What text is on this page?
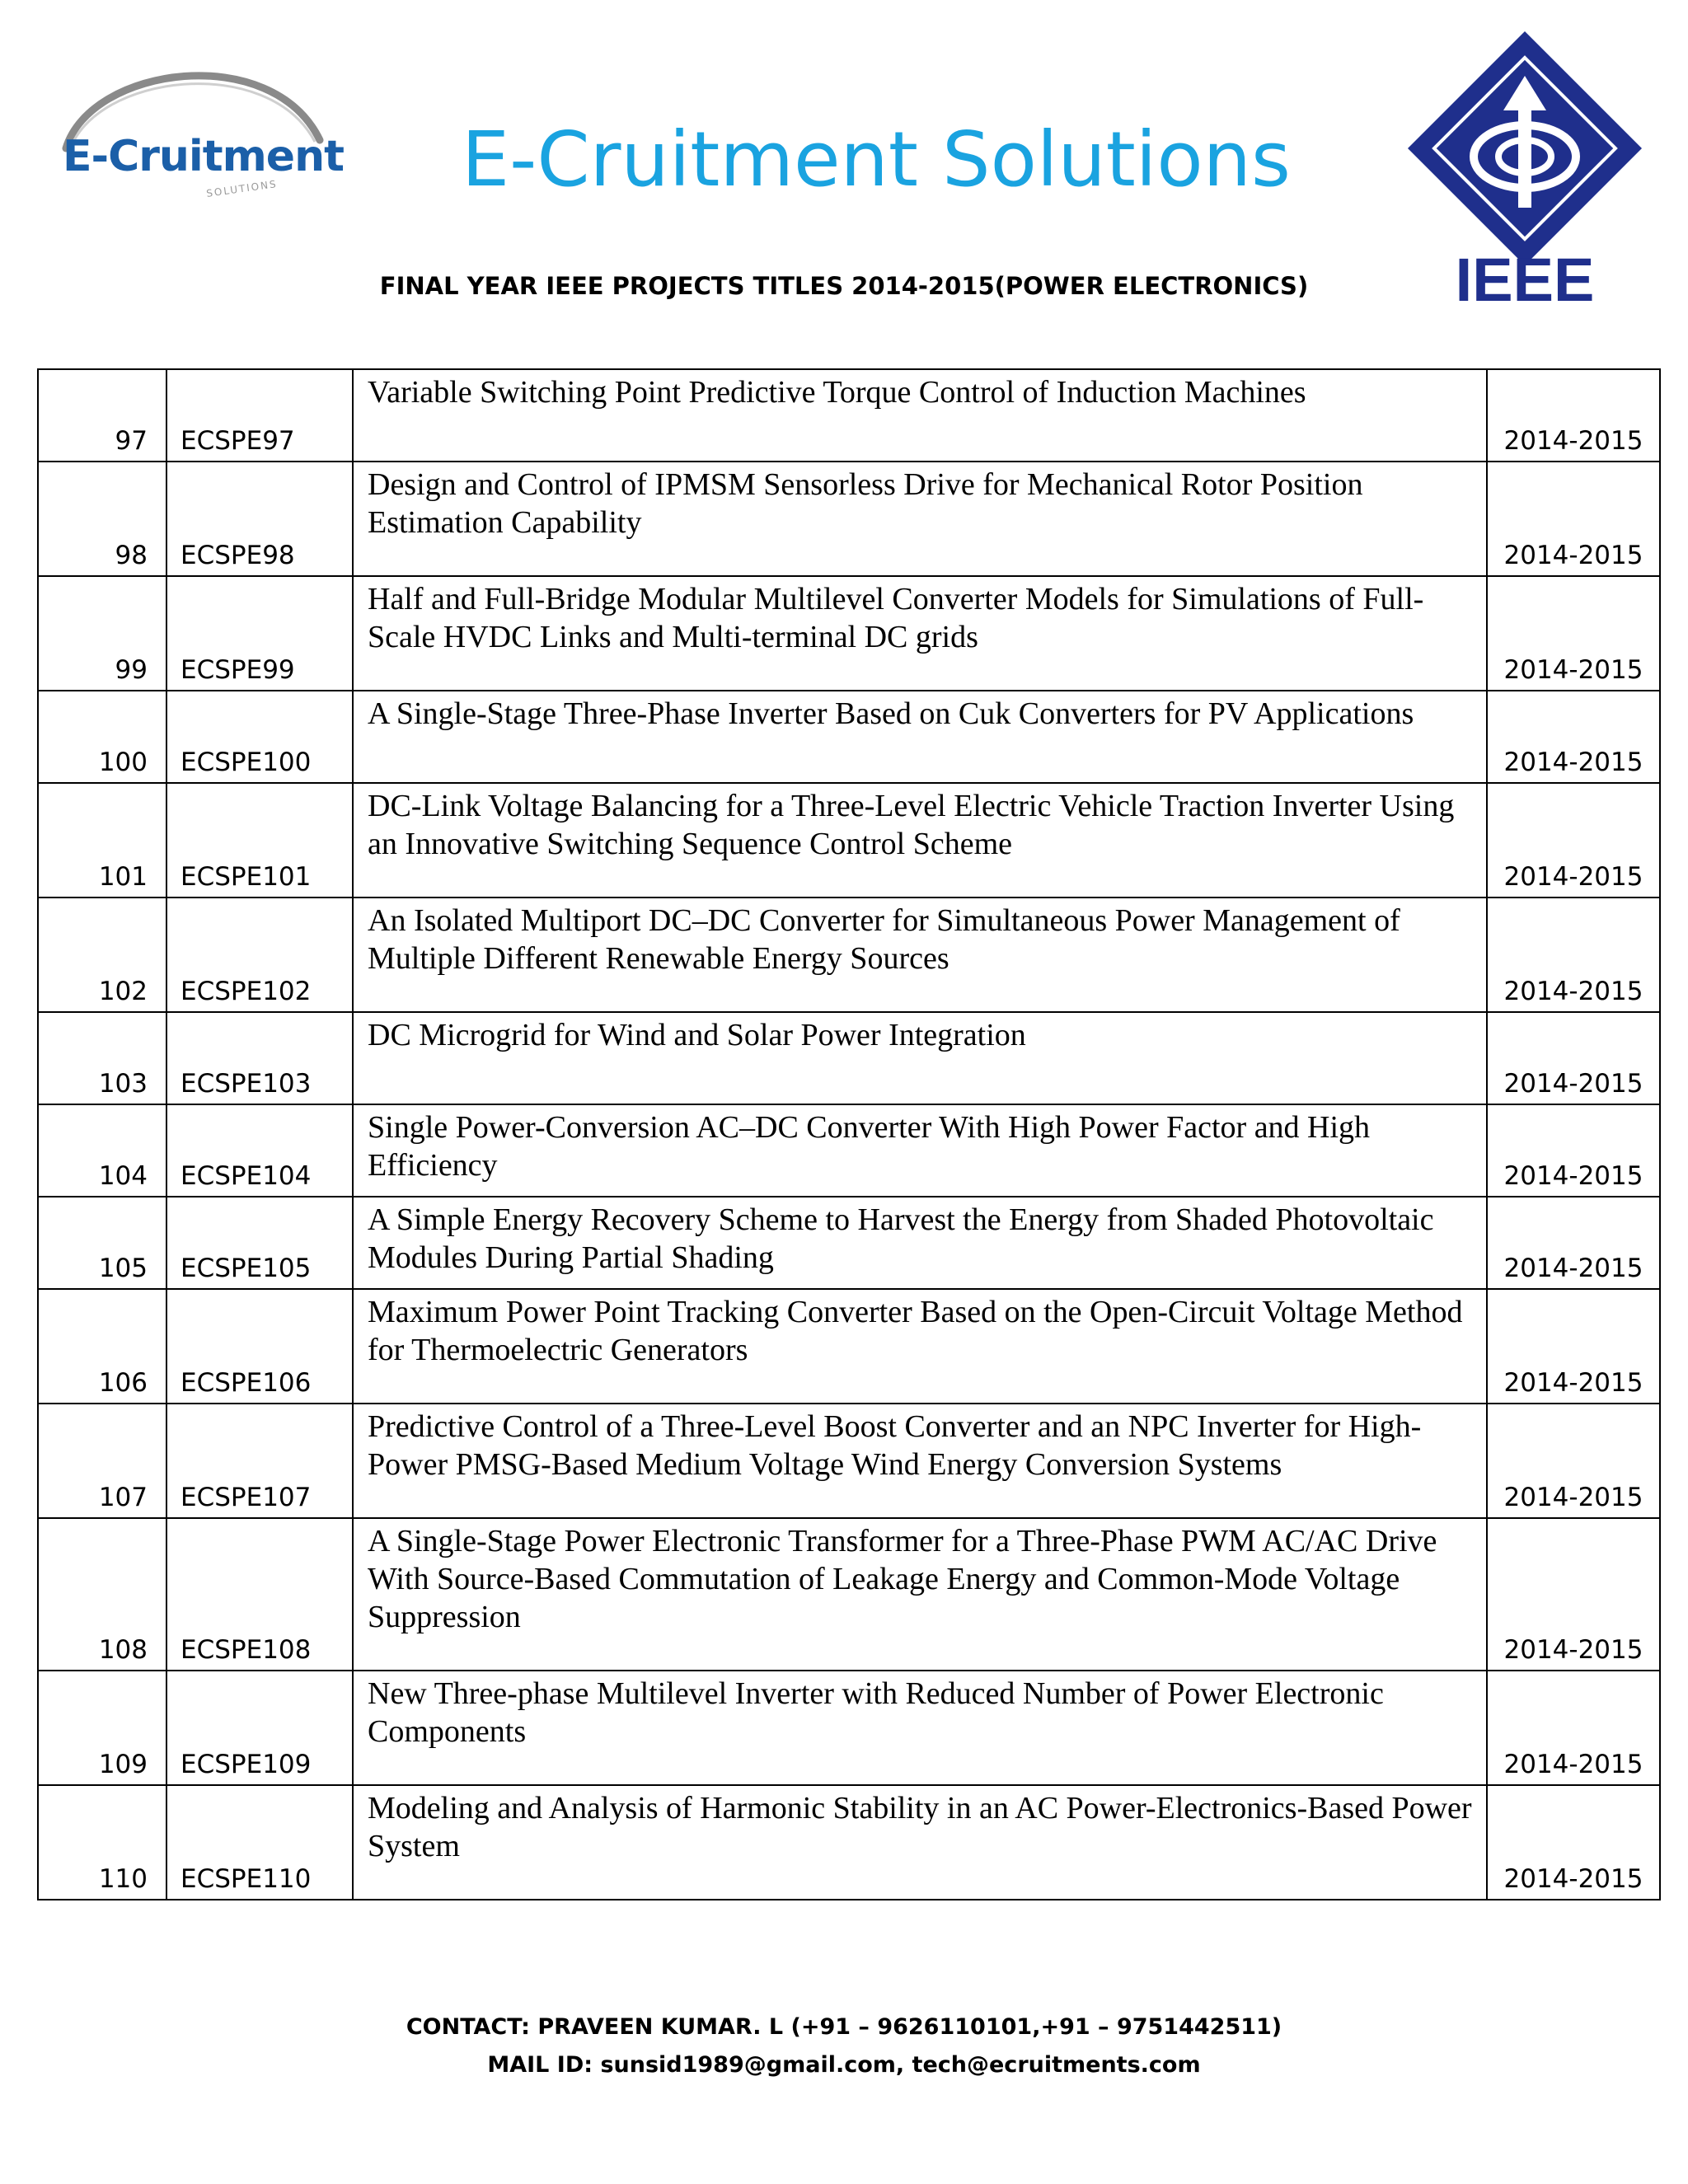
E-Cruitment
SOLUTIONS E-Cruitment Solutions
IEEE
FINAL YEAR IEEE PROJECTS TITLES 2014-2015(POWER ELECTRONICS)
97	ECSPE97	Variable Switching Point Predictive Torque Control of Induction Machines	2014-2015
98	ECSPE98	Design and Control of IPMSM Sensorless Drive for Mechanical Rotor Position Estimation Capability	2014-2015
99	ECSPE99	Half and Full-Bridge Modular Multilevel Converter Models for Simulations of Full-Scale HVDC Links and Multi-terminal DC grids	2014-2015
100	ECSPE100	A Single-Stage Three-Phase Inverter Based on Cuk Converters for PV Applications	2014-2015
101	ECSPE101	DC-Link Voltage Balancing for a Three-Level Electric Vehicle Traction Inverter Using an Innovative Switching Sequence Control Scheme	2014-2015
102	ECSPE102	An Isolated Multiport DC–DC Converter for Simultaneous Power Management of Multiple Different Renewable Energy Sources	2014-2015
103	ECSPE103	DC Microgrid for Wind and Solar Power Integration	2014-2015
104	ECSPE104	Single Power-Conversion AC–DC Converter With High Power Factor and High Efficiency	2014-2015
105	ECSPE105	A Simple Energy Recovery Scheme to Harvest the Energy from Shaded Photovoltaic Modules During Partial Shading	2014-2015
106	ECSPE106	Maximum Power Point Tracking Converter Based on the Open-Circuit Voltage Method for Thermoelectric Generators	2014-2015
107	ECSPE107	Predictive Control of a Three-Level Boost Converter and an NPC Inverter for High-Power PMSG-Based Medium Voltage Wind Energy Conversion Systems	2014-2015
108	ECSPE108	A Single-Stage Power Electronic Transformer for a Three-Phase PWM AC/AC Drive With Source-Based Commutation of Leakage Energy and Common-Mode Voltage Suppression	2014-2015
109	ECSPE109	New Three-phase Multilevel Inverter with Reduced Number of Power Electronic Components	2014-2015
110	ECSPE110	Modeling and Analysis of Harmonic Stability in an AC Power-Electronics-Based Power System	2014-2015
CONTACT: PRAVEEN KUMAR. L (+91 – 9626110101,+91 – 9751442511)
MAIL ID: sunsid1989@gmail.com, tech@ecruitments.com
